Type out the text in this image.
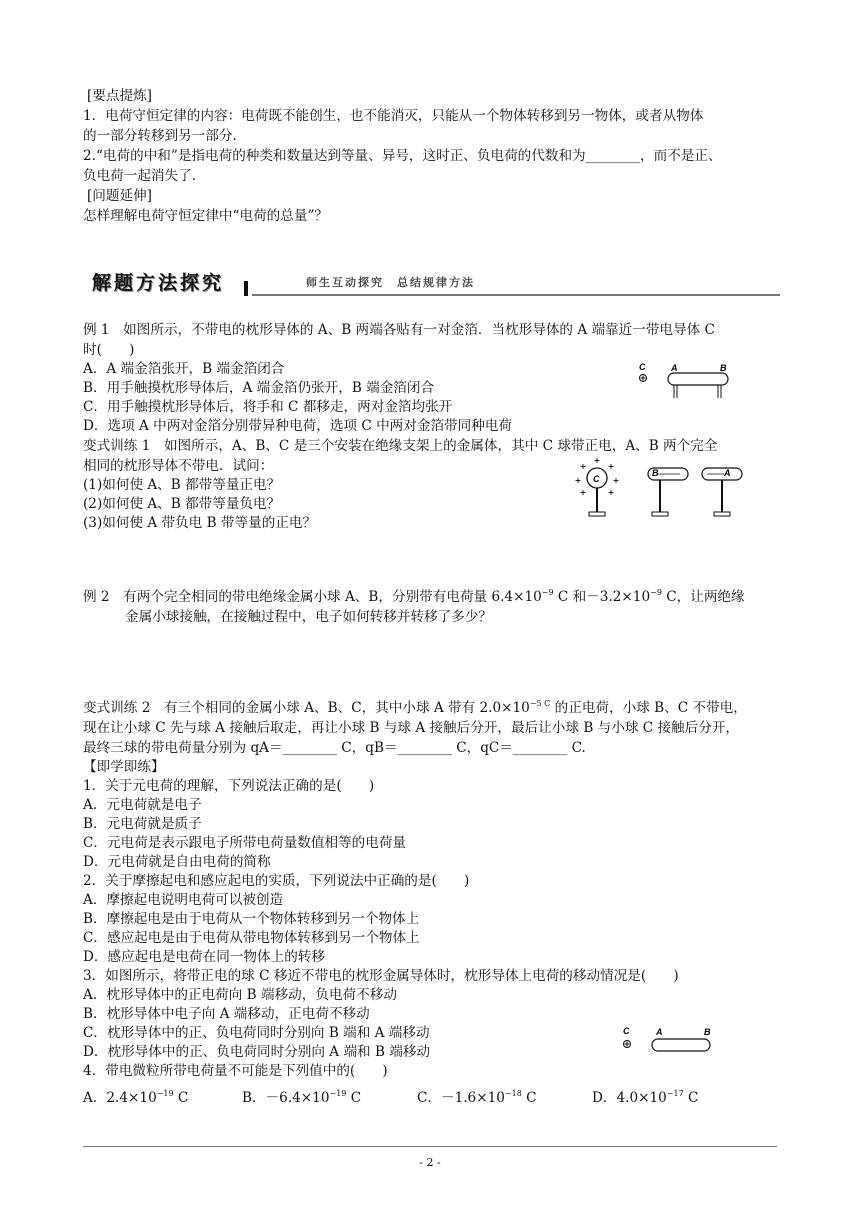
[要点提炼]
1．电荷守恒定律的内容：电荷既不能创生，也不能消灭，只能从一个物体转移到另一物体，或者从物体
的一部分转移到另一部分.
2.“电荷的中和”是指电荷的种类和数量达到等量、异号，这时正、负电荷的代数和为________，而不是正、
负电荷一起消失了.
[问题延伸]
怎样理解电荷守恒定律中“电荷的总量”？
解题方法探究	师生互动探究　总结规律方法
例 1　如图所示，不带电的枕形导体的 A、B 两端各贴有一对金箔．当枕形导体的 A 端靠近一带电导体 C
时(　　)
A．A 端金箔张开，B 端金箔闭合
B．用手触摸枕形导体后，A 端金箔仍张开，B 端金箔闭合
C．用手触摸枕形导体后，将手和 C 都移走，两对金箔均张开
D．选项 A 中两对金箔分别带异种电荷，选项 C 中两对金箔带同种电荷
C	A	B
变式训练 1　如图所示，A、B、C 是三个安装在绝缘支架上的金属体，其中 C 球带正电，A、B 两个完全
相同的枕形导体不带电．试问：
(1)如何使 A、B 都带等量正电？
(2)如何使 A、B 都带等量负电？
(3)如何使 A 带负电 B 带等量的正电？
C
B	A
例 2　有两个完全相同的带电绝缘金属小球 A、B，分别带有电荷量 $6.4\times 10^{-9}$ C 和$-3.2\times 10^{-9}$ C，让两绝缘
金属小球接触，在接触过程中，电子如何转移并转移了多少？
变式训练 2　有三个相同的金属小球 A、B、C，其中小球 A 带有 $2.0\times 10^{-5 C}$ 的正电荷，小球 B、C 不带电，
现在让小球 C 先与球 A 接触后取走，再让小球 B 与球 A 接触后分开，最后让小球 B 与小球 C 接触后分开，
最终三球的带电荷量分别为 qA＝________ C，qB＝________ C，qC＝________ C.
【即学即练】
1．关于元电荷的理解，下列说法正确的是(　　)
A．元电荷就是电子
B．元电荷就是质子
C．元电荷是表示跟电子所带电荷量数值相等的电荷量
D．元电荷就是自由电荷的简称
2．关于摩擦起电和感应起电的实质，下列说法中正确的是(　　)
A．摩擦起电说明电荷可以被创造
B．摩擦起电是由于电荷从一个物体转移到另一个物体上
C．感应起电是由于电荷从带电物体转移到另一个物体上
D．感应起电是电荷在同一物体上的转移
3．如图所示，将带正电的球 C 移近不带电的枕形金属导体时，枕形导体上电荷的移动情况是(　　)
A．枕形导体中的正电荷向 B 端移动，负电荷不移动
B．枕形导体中电子向 A 端移动，正电荷不移动
C．枕形导体中的正、负电荷同时分别向 B 端和 A 端移动
D．枕形导体中的正、负电荷同时分别向 A 端和 B 端移动
C	A	B
4．带电微粒所带电荷量不可能是下列值中的(　　)
A．$2.4\times 10^{-19}$ C	B．$-6.4\times 10^{-19}$ C	C．$-1.6\times 10^{-18}$ C	D．$4.0\times 10^{-17}$ C
- 2 -
